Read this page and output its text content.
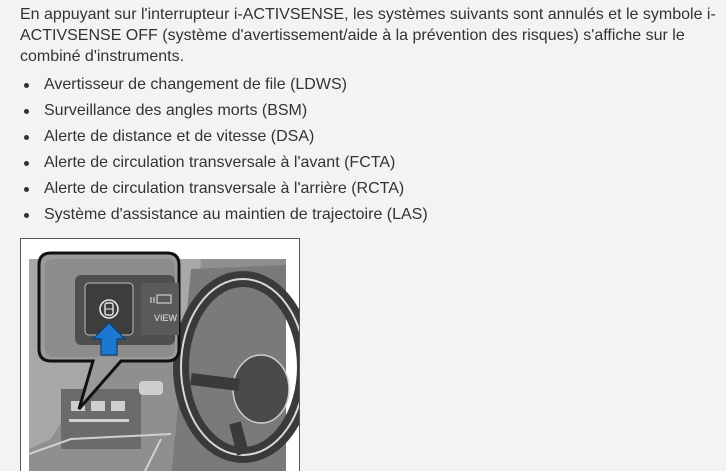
En appuyant sur l'interrupteur i-ACTIVSENSE, les systèmes suivants sont annulés et le symbole i-ACTIVSENSE OFF (système d'avertissement/aide à la prévention des risques) s'affiche sur le combiné d'instruments.

Avertisseur de changement de file (LDWS)
Surveillance des angles morts (BSM)
Alerte de distance et de vitesse (DSA)
Alerte de circulation transversale à l'avant (FCTA)
Alerte de circulation transversale à l'arrière (RCTA)
Système d'assistance au maintien de trajectoire (LAS)
VIEW
